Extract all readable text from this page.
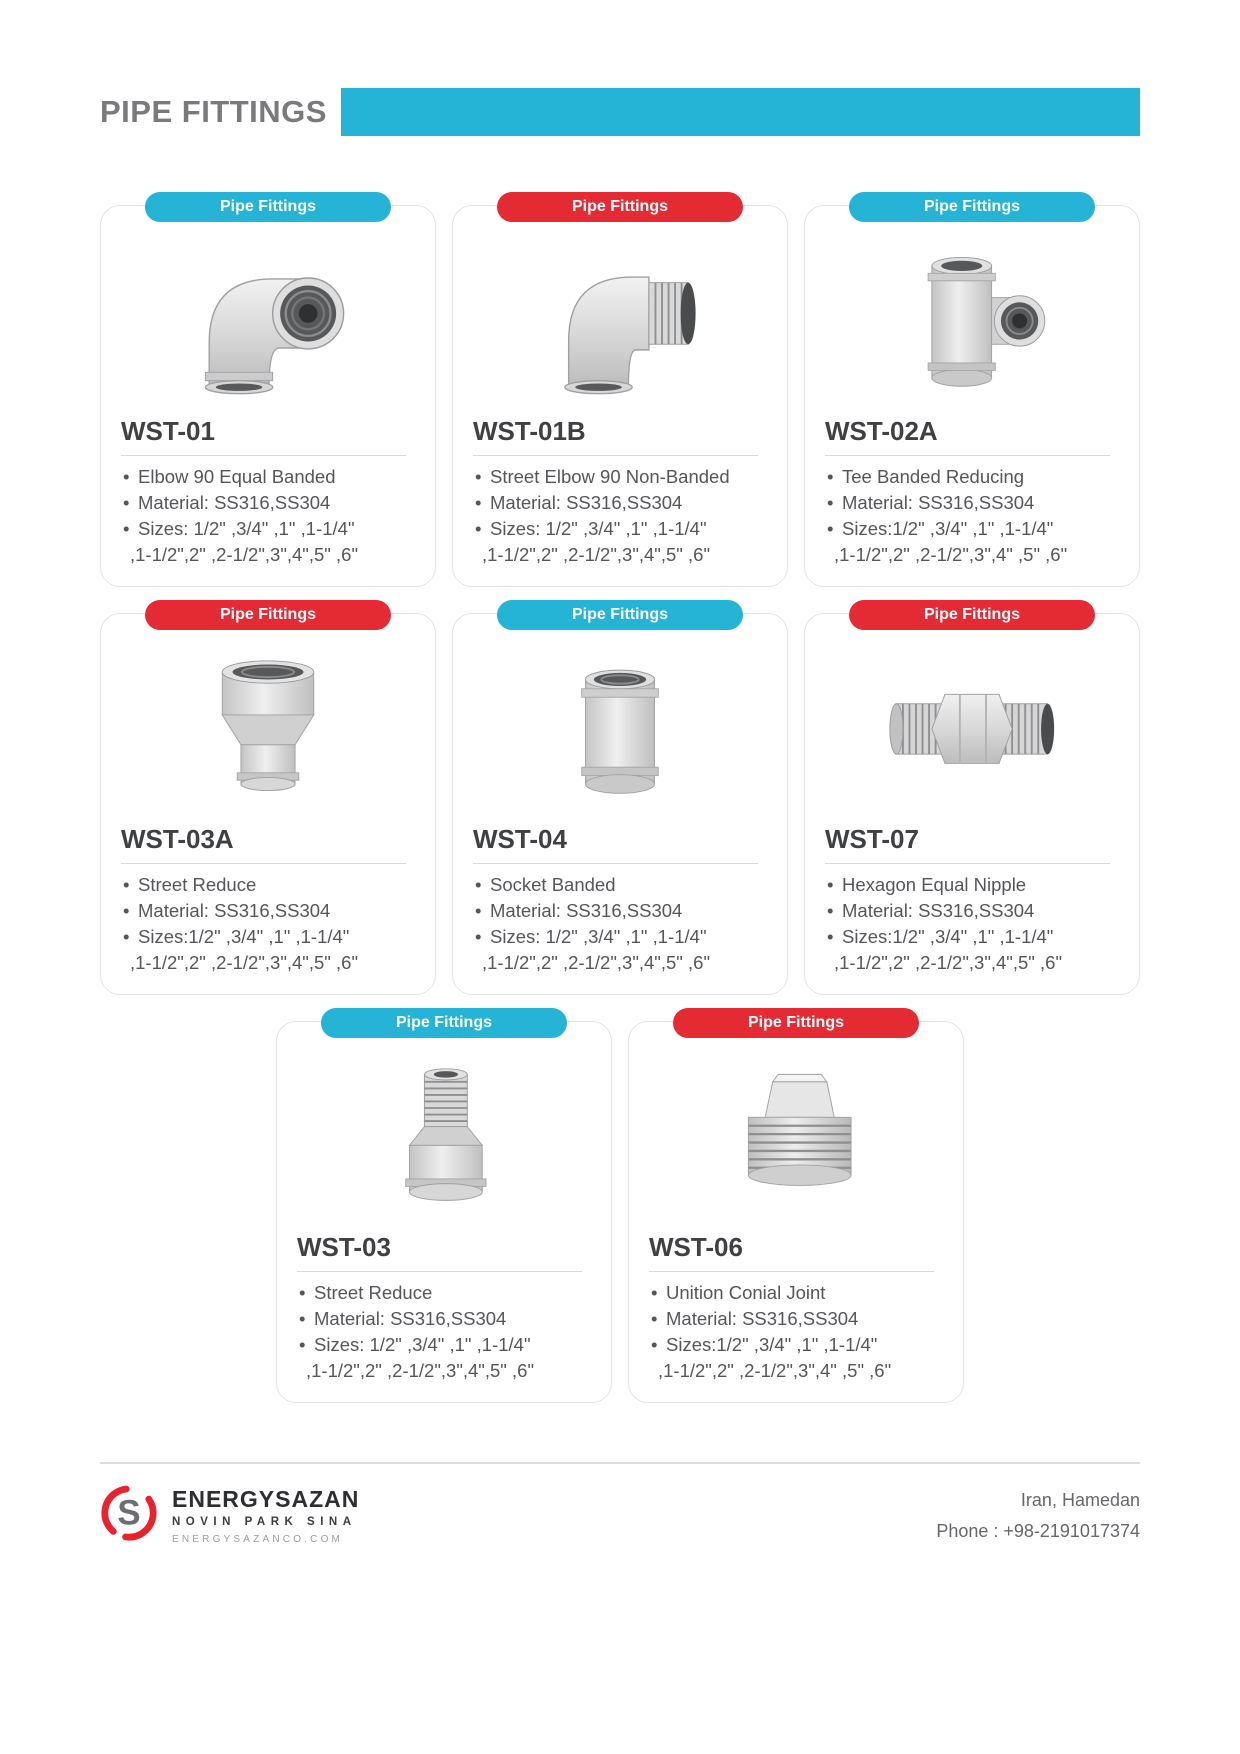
PIPE FITTINGS
Pipe Fittings
WST-01
• Elbow 90 Equal Banded
• Material: SS316,SS304
• Sizes: 1/2" ,3/4" ,1" ,1-1/4"
,1-1/2",2" ,2-1/2",3",4",5" ,6"
Pipe Fittings
WST-01B
• Street Elbow 90 Non-Banded
• Material: SS316,SS304
• Sizes: 1/2" ,3/4" ,1" ,1-1/4"
,1-1/2",2" ,2-1/2",3",4",5" ,6"
Pipe Fittings
WST-02A
• Tee Banded Reducing
• Material: SS316,SS304
• Sizes:1/2" ,3/4" ,1" ,1-1/4"
,1-1/2",2" ,2-1/2",3",4" ,5" ,6"
Pipe Fittings
WST-03A
• Street Reduce
• Material: SS316,SS304
• Sizes:1/2" ,3/4" ,1" ,1-1/4"
,1-1/2",2" ,2-1/2",3",4",5" ,6"
Pipe Fittings
WST-04
• Socket Banded
• Material: SS316,SS304
• Sizes: 1/2" ,3/4" ,1" ,1-1/4"
,1-1/2",2" ,2-1/2",3",4",5" ,6"
Pipe Fittings
WST-07
• Hexagon Equal Nipple
• Material: SS316,SS304
• Sizes:1/2" ,3/4" ,1" ,1-1/4"
,1-1/2",2" ,2-1/2",3",4",5" ,6"
Pipe Fittings
WST-03
• Street Reduce
• Material: SS316,SS304
• Sizes: 1/2" ,3/4" ,1" ,1-1/4"
,1-1/2",2" ,2-1/2",3",4",5" ,6"
Pipe Fittings
WST-06
• Unition Conial Joint
• Material: SS316,SS304
• Sizes:1/2" ,3/4" ,1" ,1-1/4"
,1-1/2",2" ,2-1/2",3",4" ,5" ,6"
S ENERGYSAZAN
NOVIN PARK SINA
ENERGYSAZANCO.COM
Iran, Hamedan
Phone : +98-2191017374
